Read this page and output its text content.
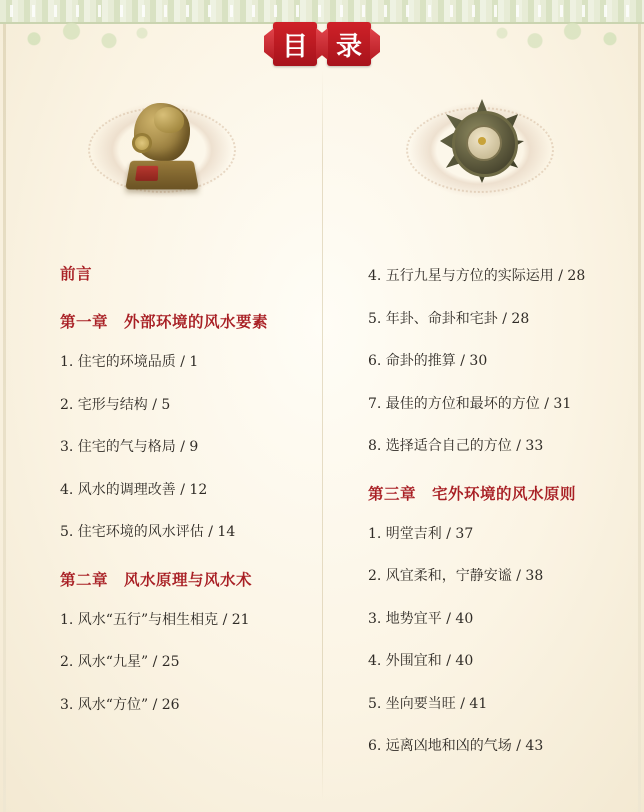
目	录
前言
第一章　外部环境的风水要素
1. 住宅的环境品质 / 1
2. 宅形与结构 / 5
3. 住宅的气与格局 / 9
4. 风水的调理改善 / 12
5. 住宅环境的风水评估 / 14
第二章　风水原理与风水术
1. 风水“五行”与相生相克 / 21
2. 风水“九星” / 25
3. 风水“方位” / 26
4. 五行九星与方位的实际运用 / 28
5. 年卦、命卦和宅卦 / 28
6. 命卦的推算 / 30
7. 最佳的方位和最坏的方位 / 31
8. 选择适合自己的方位 / 33
第三章　宅外环境的风水原则
1. 明堂吉利 / 37
2. 风宜柔和，宁静安谧 / 38
3. 地势宜平 / 40
4. 外围宜和 / 40
5. 坐向要当旺 / 41
6. 远离凶地和凶的气场 / 43
